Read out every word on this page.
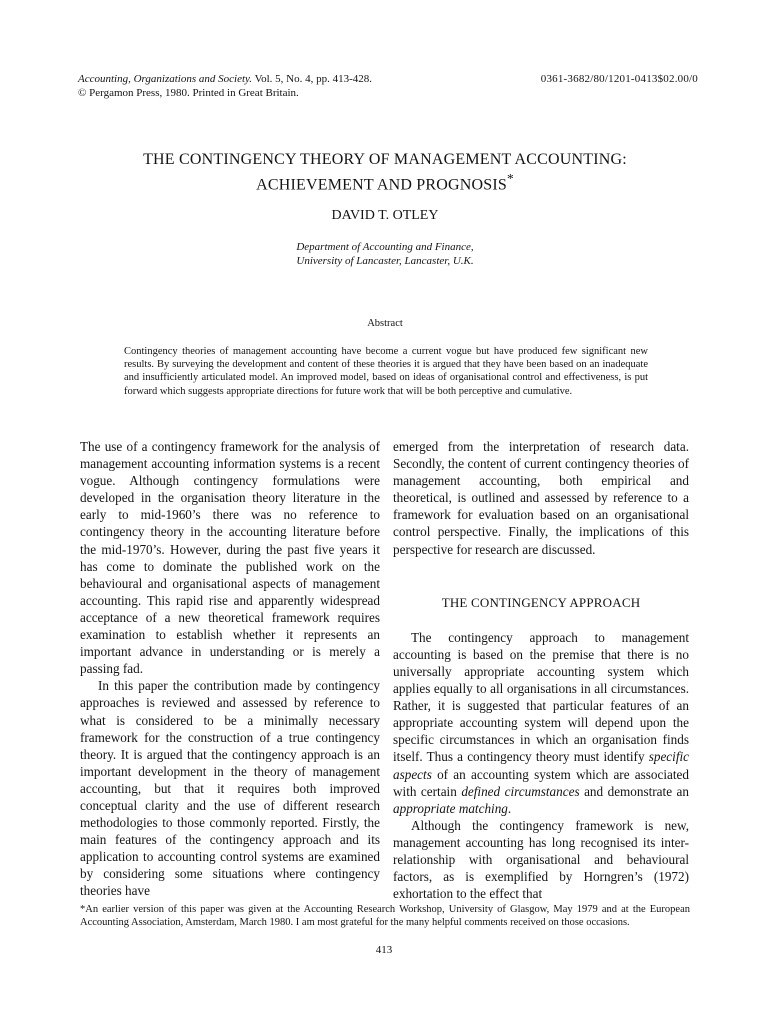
Accounting, Organizations and Society. Vol. 5, No. 4, pp. 413-428.
© Pergamon Press, 1980. Printed in Great Britain.
0361-3682/80/1201-0413$02.00/0
THE CONTINGENCY THEORY OF MANAGEMENT ACCOUNTING:
ACHIEVEMENT AND PROGNOSIS*
DAVID T. OTLEY
Department of Accounting and Finance,
University of Lancaster, Lancaster, U.K.
Abstract
Contingency theories of management accounting have become a current vogue but have produced few significant new results. By surveying the development and content of these theories it is argued that they have been based on an inadequate and insufficiently articulated model. An improved model, based on ideas of organisational control and effectiveness, is put forward which suggests appropriate directions for future work that will be both perceptive and cumulative.

The use of a contingency framework for the analysis of management accounting information systems is a recent vogue. Although contingency formulations were developed in the organisation theory literature in the early to mid-1960’s there was no reference to contingency theory in the accounting literature before the mid-1970’s. However, during the past five years it has come to dominate the published work on the behavioural and organisational aspects of management accounting. This rapid rise and apparently widespread acceptance of a new theoretical framework requires examination to establish whether it represents an important advance in understanding or is merely a passing fad.

In this paper the contribution made by contingency approaches is reviewed and assessed by reference to what is considered to be a minimally necessary framework for the construction of a true contingency theory. It is argued that the contingency approach is an important development in the theory of management accounting, but that it requires both improved conceptual clarity and the use of different research methodologies to those commonly reported. Firstly, the main features of the contingency approach and its application to accounting control systems are examined by considering some situations where contingency theories have

emerged from the interpretation of research data. Secondly, the content of current contingency theories of management accounting, both empirical and theoretical, is outlined and assessed by reference to a framework for evaluation based on an organisational control perspective. Finally, the implications of this perspective for research are discussed.

THE CONTINGENCY APPROACH

The contingency approach to management accounting is based on the premise that there is no universally appropriate accounting system which applies equally to all organisations in all circumstances. Rather, it is suggested that particular features of an appropriate accounting system will depend upon the specific circumstances in which an organisation finds itself. Thus a contingency theory must identify specific aspects of an accounting system which are associated with certain defined circumstances and demonstrate an appropriate matching.

Although the contingency framework is new, management accounting has long recognised its inter-relationship with organisational and behavioural factors, as is exemplified by Horngren’s (1972) exhortation to the effect that

*An earlier version of this paper was given at the Accounting Research Workshop, University of Glasgow, May 1979 and at the European Accounting Association, Amsterdam, March 1980. I am most grateful for the many helpful comments received on those occasions.
413
